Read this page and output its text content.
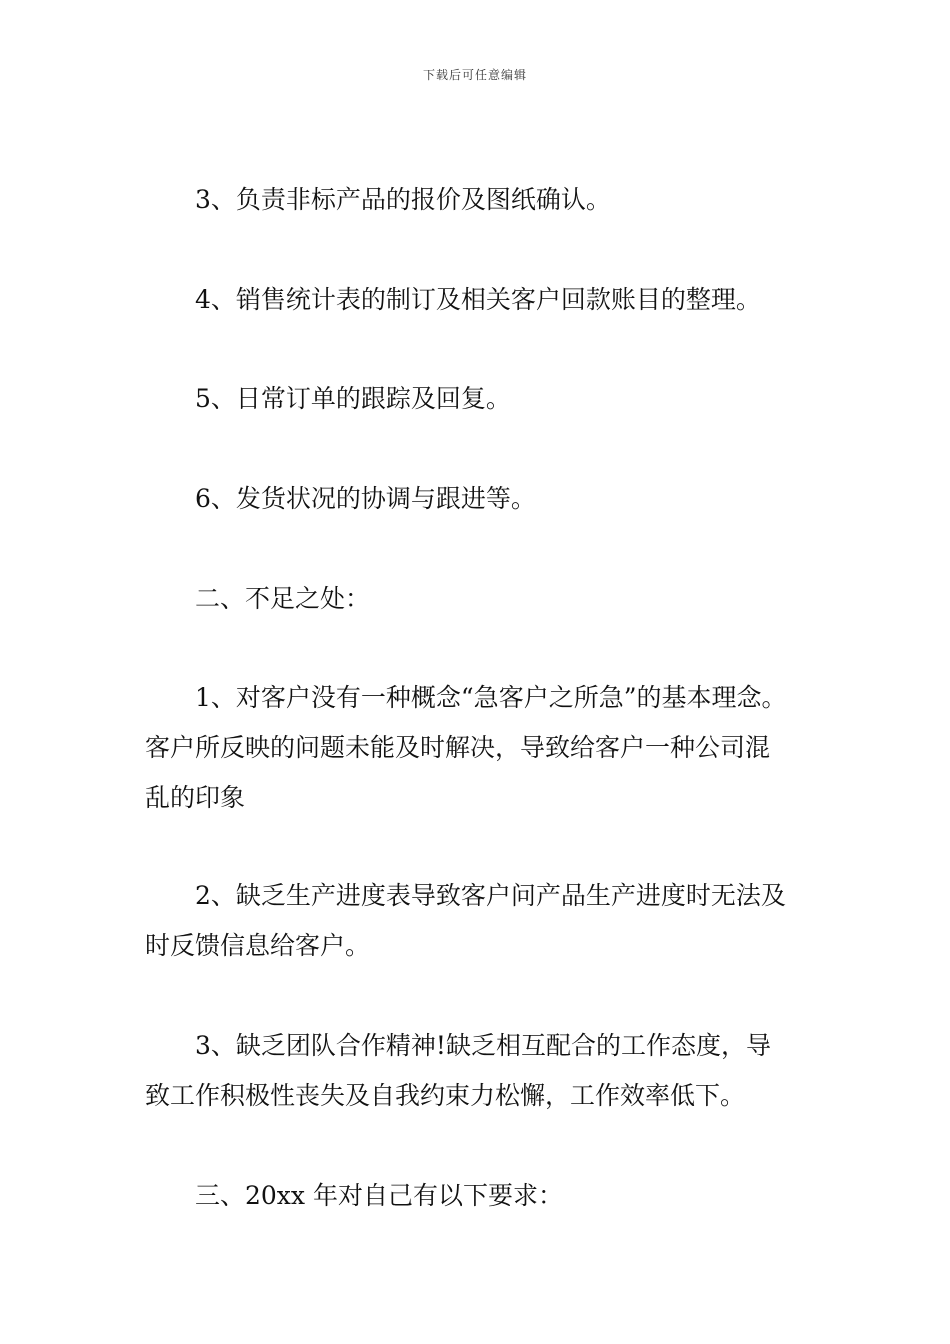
下载后可任意编辑
3、负责非标产品的报价及图纸确认。
4、销售统计表的制订及相关客户回款账目的整理。
5、日常订单的跟踪及回复。
6、发货状况的协调与跟进等。
二、不足之处：
1、对客户没有一种概念“急客户之所急”的基本理念。
客户所反映的问题未能及时解决，导致给客户一种公司混
乱的印象
2、缺乏生产进度表导致客户问产品生产进度时无法及
时反馈信息给客户。
3、缺乏团队合作精神!缺乏相互配合的工作态度，导
致工作积极性丧失及自我约束力松懈，工作效率低下。
三、20xx 年对自己有以下要求：
